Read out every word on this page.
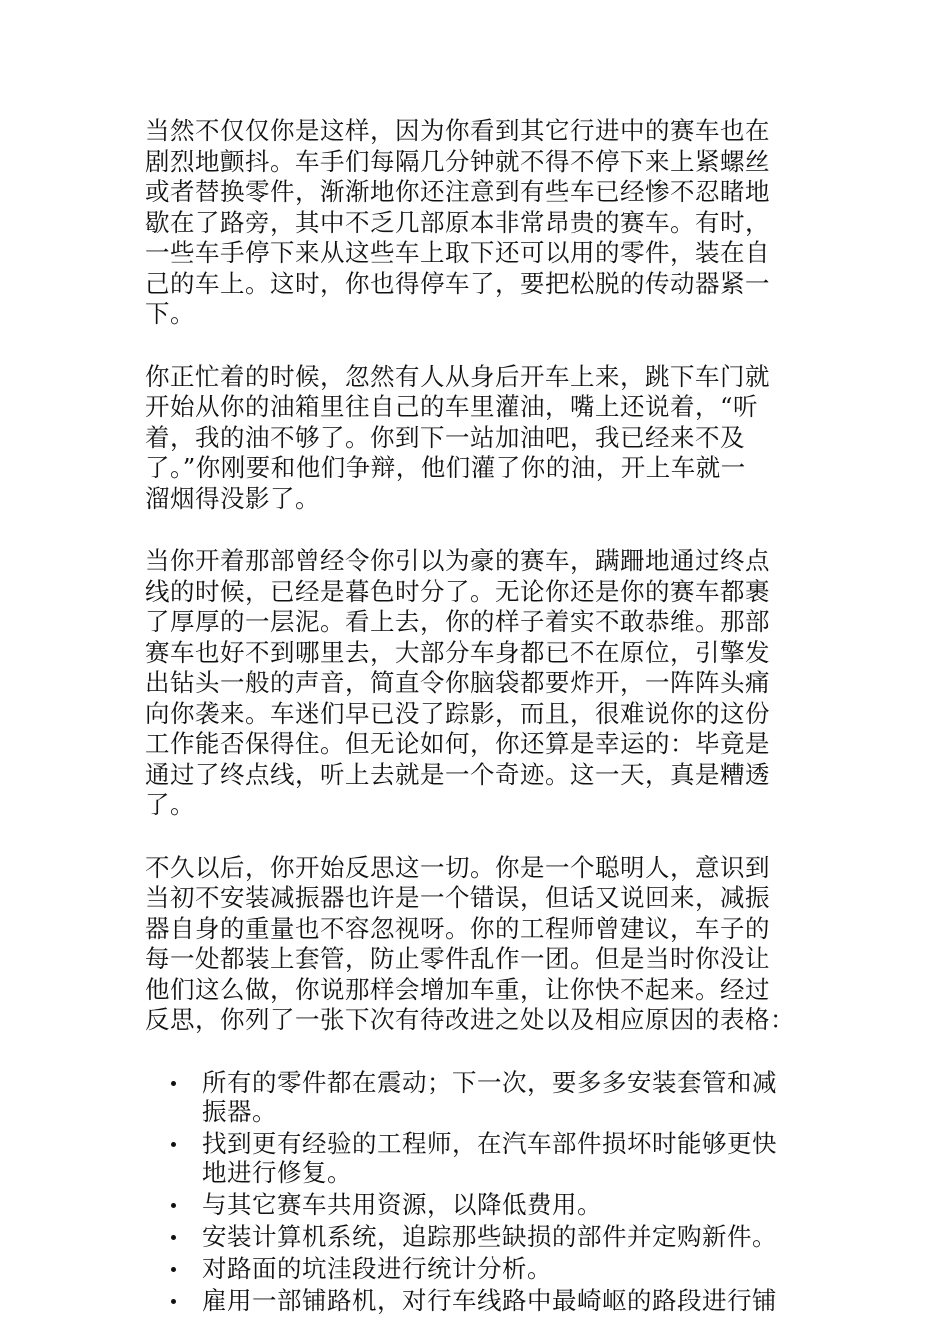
当然不仅仅你是这样，因为你看到其它行进中的赛车也在
剧烈地颤抖。车手们每隔几分钟就不得不停下来上紧螺丝
或者替换零件，渐渐地你还注意到有些车已经惨不忍睹地
歇在了路旁，其中不乏几部原本非常昂贵的赛车。有时，
一些车手停下来从这些车上取下还可以用的零件，装在自
己的车上。这时，你也得停车了，要把松脱的传动器紧一
下。

你正忙着的时候，忽然有人从身后开车上来，跳下车门就
开始从你的油箱里往自己的车里灌油，嘴上还说着，“听
着，我的油不够了。你到下一站加油吧，我已经来不及
了。”你刚要和他们争辩，他们灌了你的油，开上车就一
溜烟得没影了。

当你开着那部曾经令你引以为豪的赛车，蹒跚地通过终点
线的时候，已经是暮色时分了。无论你还是你的赛车都裹
了厚厚的一层泥。看上去，你的样子着实不敢恭维。那部
赛车也好不到哪里去，大部分车身都已不在原位，引擎发
出钻头一般的声音，简直令你脑袋都要炸开，一阵阵头痛
向你袭来。车迷们早已没了踪影，而且，很难说你的这份
工作能否保得住。但无论如何，你还算是幸运的：毕竟是
通过了终点线，听上去就是一个奇迹。这一天，真是糟透
了。

不久以后，你开始反思这一切。你是一个聪明人，意识到
当初不安装减振器也许是一个错误，但话又说回来，减振
器自身的重量也不容忽视呀。你的工程师曾建议，车子的
每一处都装上套管，防止零件乱作一团。但是当时你没让
他们这么做，你说那样会增加车重，让你快不起来。经过
反思，你列了一张下次有待改进之处以及相应原因的表格：

所有的零件都在震动；下一次，要多多安装套管和减
振器。
找到更有经验的工程师，在汽车部件损坏时能够更快
地进行修复。
与其它赛车共用资源，以降低费用。
安装计算机系统，追踪那些缺损的部件并定购新件。
对路面的坑洼段进行统计分析。
雇用一部铺路机，对行车线路中最崎岖的路段进行铺
